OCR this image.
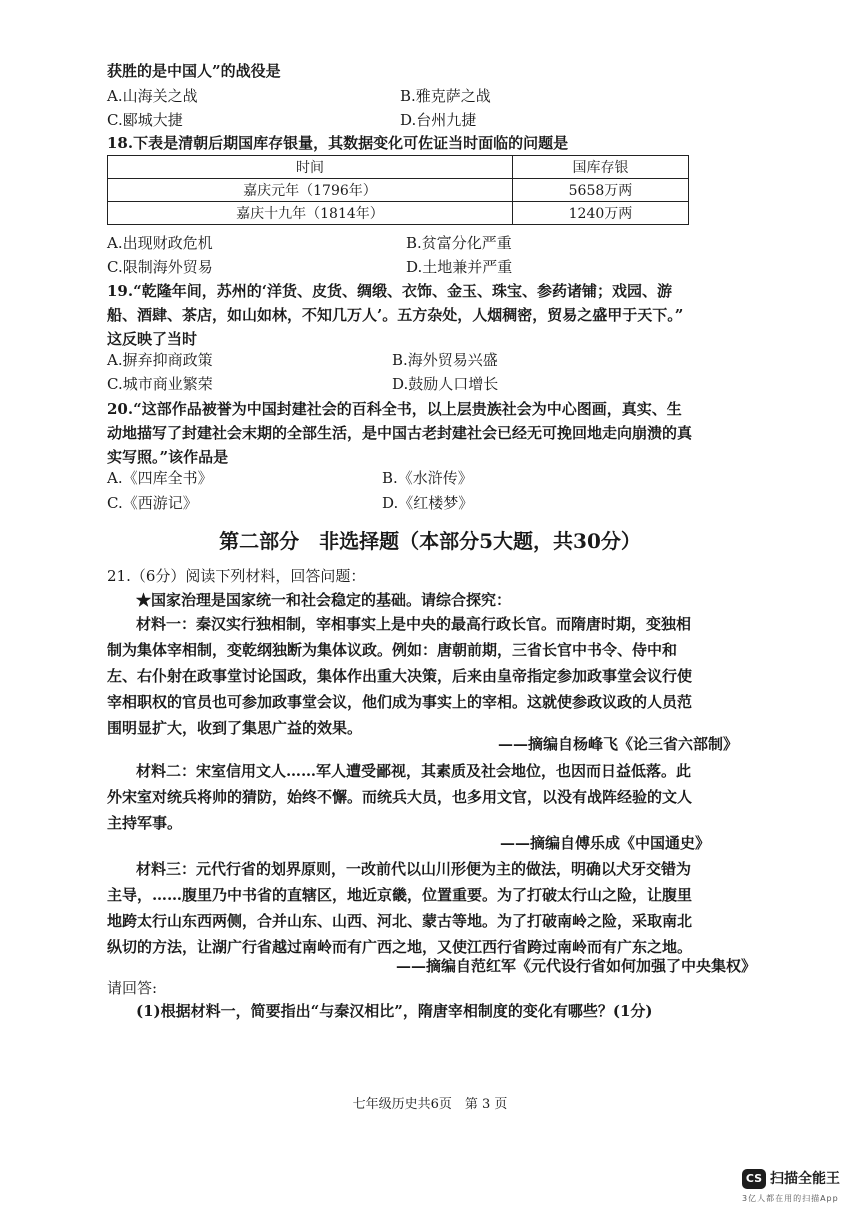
获胜的是中国人”的战役是
A.山海关之战	B.雅克萨之战
C.郾城大捷	D.台州九捷
18.下表是清朝后期国库存银量，其数据变化可佐证当时面临的问题是
时间	国库存银
嘉庆元年（1796年）	5658万两
嘉庆十九年（1814年）	1240万两
A.出现财政危机	B.贫富分化严重
C.限制海外贸易	D.土地兼并严重
19.“乾隆年间，苏州的‘洋货、皮货、绸缎、衣饰、金玉、珠宝、参药诸铺；戏园、游
船、酒肆、茶店，如山如林，不知几万人’。五方杂处，人烟稠密，贸易之盛甲于天下。”
这反映了当时
A.摒弃抑商政策	B.海外贸易兴盛
C.城市商业繁荣	D.鼓励人口增长
20.“这部作品被誉为中国封建社会的百科全书，以上层贵族社会为中心图画，真实、生
动地描写了封建社会末期的全部生活，是中国古老封建社会已经无可挽回地走向崩溃的真
实写照。”该作品是
A.《四库全书》	B.《水浒传》
C.《西游记》	D.《红楼梦》
第二部分　非选择题（本部分5大题，共30分）
21.（6分）阅读下列材料，回答问题：
★国家治理是国家统一和社会稳定的基础。请综合探究：
材料一：秦汉实行独相制，宰相事实上是中央的最高行政长官。而隋唐时期，变独相制为集体宰相制，变乾纲独断为集体议政。例如：唐朝前期，三省长官中书令、侍中和左、右仆射在政事堂讨论国政，集体作出重大决策，后来由皇帝指定参加政事堂会议行使宰相职权的官员也可参加政事堂会议，他们成为事实上的宰相。这就使参政议政的人员范围明显扩大，收到了集思广益的效果。
——摘编自杨峰飞《论三省六部制》
材料二：宋室信用文人……军人遭受鄙视，其素质及社会地位，也因而日益低落。此外宋室对统兵将帅的猜防，始终不懈。而统兵大员，也多用文官，以没有战阵经验的文人主持军事。
——摘编自傅乐成《中国通史》
材料三：元代行省的划界原则，一改前代以山川形便为主的做法，明确以犬牙交错为主导，……腹里乃中书省的直辖区，地近京畿，位置重要。为了打破太行山之险，让腹里地跨太行山东西两侧，合并山东、山西、河北、蒙古等地。为了打破南岭之险，采取南北纵切的方法，让湖广行省越过南岭而有广西之地，又使江西行省跨过南岭而有广东之地。
——摘编自范红军《元代设行省如何加强了中央集权》
请回答:
(1)根据材料一，简要指出“与秦汉相比”，隋唐宰相制度的变化有哪些？(1分)
七年级历史共6页　第 3 页
CS 扫描全能王
3亿人都在用的扫描App
